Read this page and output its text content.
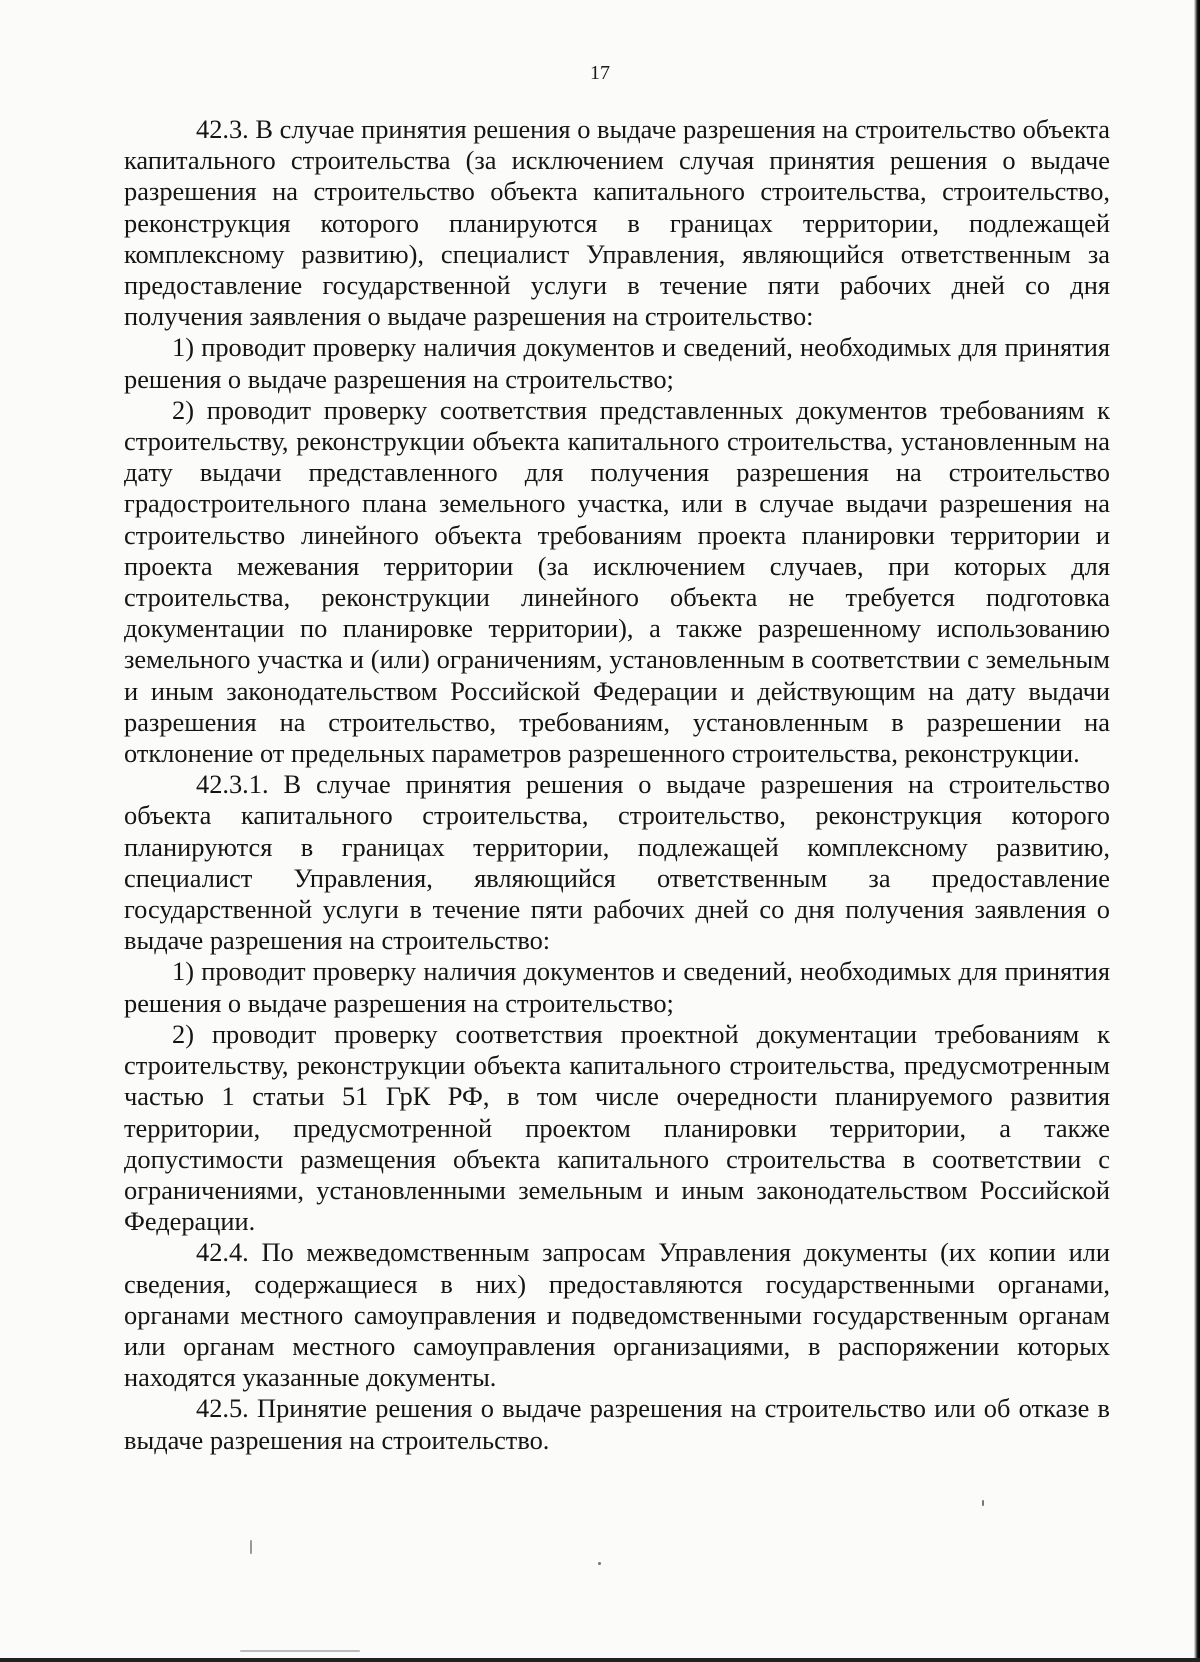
17

42.3. В случае принятия решения о выдаче разрешения на строительство объекта капитального строительства (за исключением случая принятия решения о выдаче разрешения на строительство объекта капитального строительства, строительство, реконструкция которого планируются в границах территории, подлежащей комплексному развитию), специалист Управления, являющийся ответственным за предоставление государственной услуги в течение пяти рабочих дней со дня получения заявления о выдаче разрешения на строительство:

1) проводит проверку наличия документов и сведений, необходимых для принятия решения о выдаче разрешения на строительство;

2) проводит проверку соответствия представленных документов требованиям к строительству, реконструкции объекта капитального строительства, установленным на дату выдачи представленного для получения разрешения на строительство градостроительного плана земельного участка, или в случае выдачи разрешения на строительство линейного объекта требованиям проекта планировки территории и проекта межевания территории (за исключением случаев, при которых для строительства, реконструкции линейного объекта не требуется подготовка документации по планировке территории), а также разрешенному использованию земельного участка и (или) ограничениям, установленным в соответствии с земельным и иным законодательством Российской Федерации и действующим на дату выдачи разрешения на строительство, требованиям, установленным в разрешении на отклонение от предельных параметров разрешенного строительства, реконструкции.

42.3.1. В случае принятия решения о выдаче разрешения на строительство объекта капитального строительства, строительство, реконструкция которого планируются в границах территории, подлежащей комплексному развитию, специалист Управления, являющийся ответственным за предоставление государственной услуги в течение пяти рабочих дней со дня получения заявления о выдаче разрешения на строительство:

1) проводит проверку наличия документов и сведений, необходимых для принятия решения о выдаче разрешения на строительство;

2) проводит проверку соответствия проектной документации требованиям к строительству, реконструкции объекта капитального строительства, предусмотренным частью 1 статьи 51 ГрК РФ, в том числе очередности планируемого развития территории, предусмотренной проектом планировки территории, а также допустимости размещения объекта капитального строительства в соответствии с ограничениями, установленными земельным и иным законодательством Российской Федерации.

42.4. По межведомственным запросам Управления документы (их копии или сведения, содержащиеся в них) предоставляются государственными органами, органами местного самоуправления и подведомственными государственным органам или органам местного самоуправления организациями, в распоряжении которых находятся указанные документы.

42.5. Принятие решения о выдаче разрешения на строительство или об отказе в выдаче разрешения на строительство.
